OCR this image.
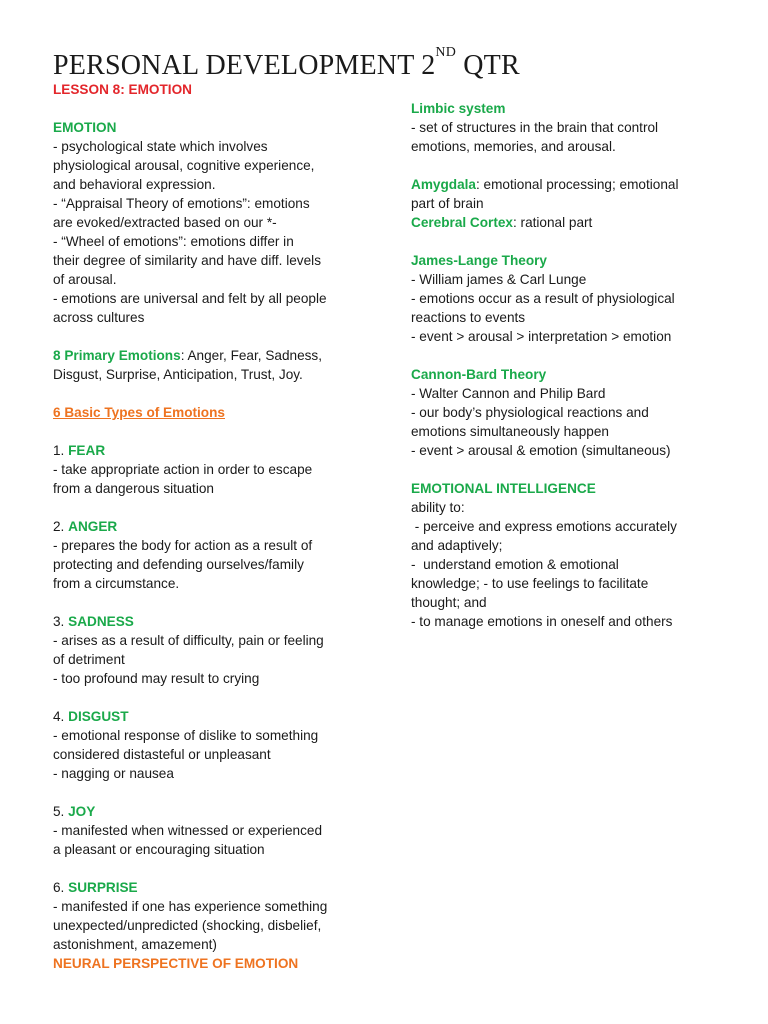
PERSONAL DEVELOPMENT 2ND QTR

LESSON 8: EMOTION

EMOTION

- psychological state which involves

physiological arousal, cognitive experience,

and behavioral expression.

- “Appraisal Theory of emotions”: emotions

are evoked/extracted based on our *-

- “Wheel of emotions”: emotions differ in

their degree of similarity and have diff. levels

of arousal.

- emotions are universal and felt by all people

across cultures

8 Primary Emotions: Anger, Fear, Sadness,

Disgust, Surprise, Anticipation, Trust, Joy.

6 Basic Types of Emotions

1. FEAR

- take appropriate action in order to escape

from a dangerous situation

2. ANGER

- prepares the body for action as a result of

protecting and defending ourselves/family

from a circumstance.

3. SADNESS

- arises as a result of difficulty, pain or feeling

of detriment

- too profound may result to crying

4. DISGUST

- emotional response of dislike to something

considered distasteful or unpleasant

- nagging or nausea

5. JOY

- manifested when witnessed or experienced

a pleasant or encouraging situation

6. SURPRISE

- manifested if one has experience something

unexpected/unpredicted (shocking, disbelief,

astonishment, amazement)

NEURAL PERSPECTIVE OF EMOTION

Limbic system

- set of structures in the brain that control

emotions, memories, and arousal.

Amygdala: emotional processing; emotional

part of brain

Cerebral Cortex: rational part

James-Lange Theory

- William james & Carl Lunge

- emotions occur as a result of physiological

reactions to events

- event > arousal > interpretation > emotion

Cannon-Bard Theory

- Walter Cannon and Philip Bard

- our body’s physiological reactions and

emotions simultaneously happen

- event > arousal & emotion (simultaneous)

EMOTIONAL INTELLIGENCE

ability to:

- perceive and express emotions accurately

and adaptively;

-  understand emotion & emotional

knowledge; - to use feelings to facilitate

thought; and

- to manage emotions in oneself and others
